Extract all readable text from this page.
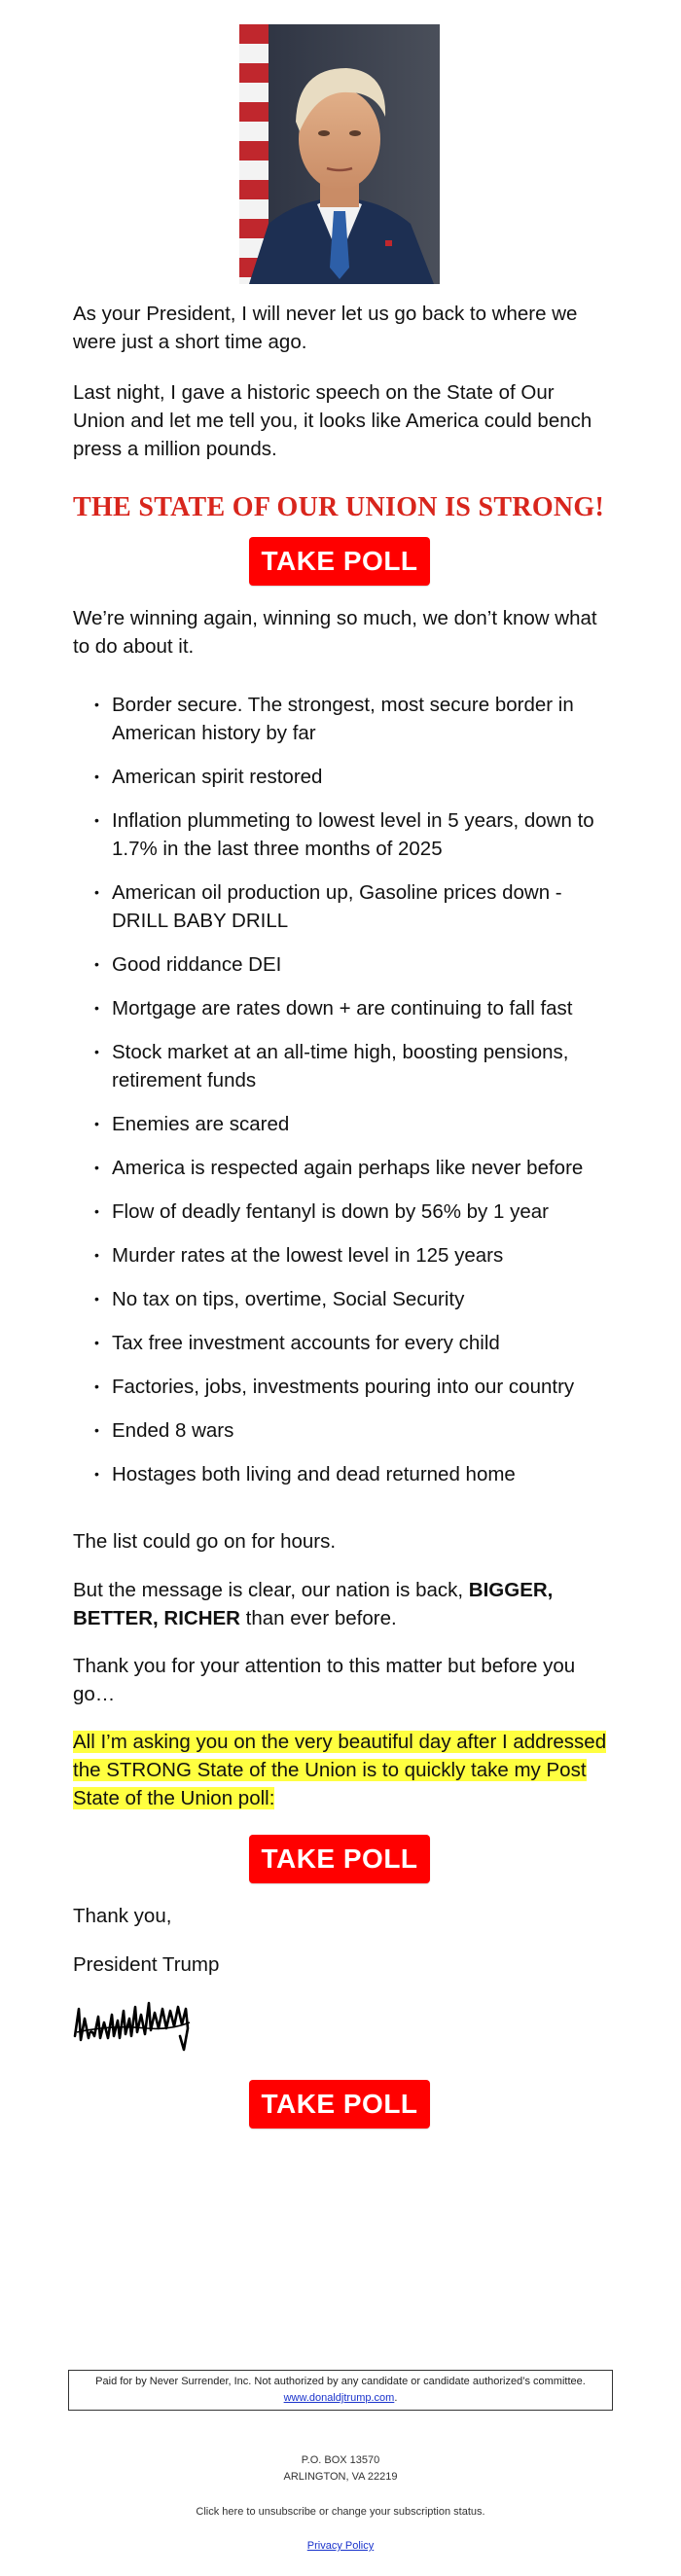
As your President, I will never let us go back to where we were just a short time ago.

Last night, I gave a historic speech on the State of Our Union and let me tell you, it looks like America could bench press a million pounds.

THE STATE OF OUR UNION IS STRONG!
TAKE POLL

We’re winning again, winning so much, we don’t know what to do about it.

• Border secure. The strongest, most secure border in American history by far
• American spirit restored
• Inflation plummeting to lowest level in 5 years, down to 1.7% in the last three months of 2025
• American oil production up, Gasoline prices down - DRILL BABY DRILL
• Good riddance DEI
• Mortgage are rates down + are continuing to fall fast
• Stock market at an all-time high, boosting pensions, retirement funds
• Enemies are scared
• America is respected again perhaps like never before
• Flow of deadly fentanyl is down by 56% by 1 year
• Murder rates at the lowest level in 125 years
• No tax on tips, overtime, Social Security
• Tax free investment accounts for every child
• Factories, jobs, investments pouring into our country
• Ended 8 wars
• Hostages both living and dead returned home

The list could go on for hours.

But the message is clear, our nation is back, BIGGER, BETTER, RICHER than ever before.

Thank you for your attention to this matter but before you go…

All I’m asking you on the very beautiful day after I addressed the STRONG State of the Union is to quickly take my Post State of the Union poll:

TAKE POLL

Thank you,

President Trump

TAKE POLL
Paid for by Never Surrender, Inc. Not authorized by any candidate or candidate authorized’s committee.
www.donaldjtrump.com.
P.O. BOX 13570
ARLINGTON, VA 22219
Click here to unsubscribe or change your subscription status.
Privacy Policy
